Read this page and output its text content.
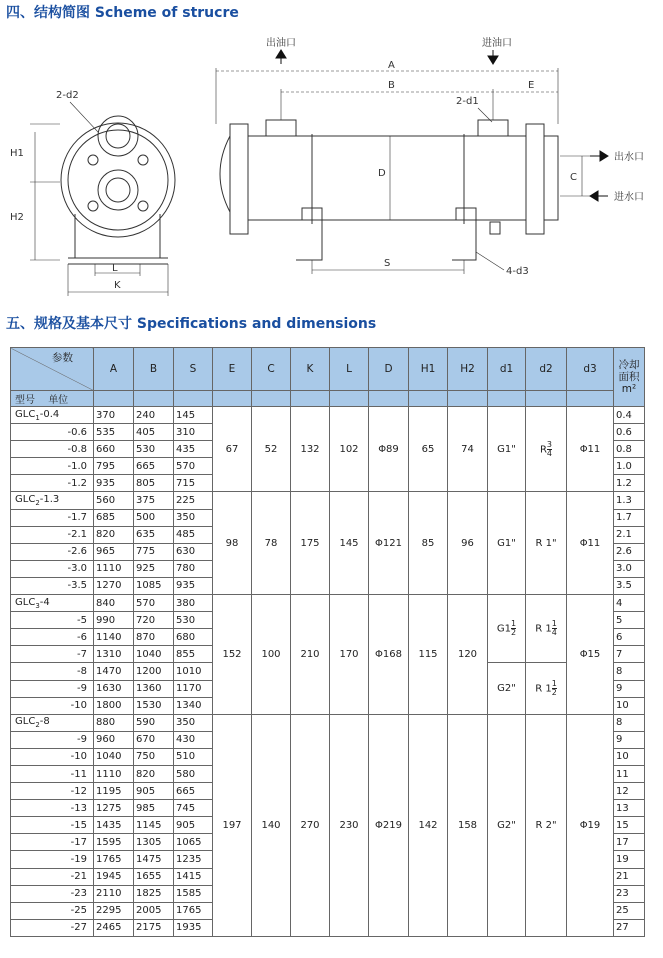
四、结构简图 Scheme of strucre
H1
H2
L
K
2-d2
出油口	进油口
A
B	E
2-d1
D	C
S
4-d3
出水口
进水口
五、规格及基本尺寸 Specifications and dimensions
参数	A	B	S	E	C	K	L	D	H1	H2	d1	d2	d3	冷却
面积
m²
型号 单位														
$GLC_1-0.4$	370	240	145	67	52	132	102	Φ89	65	74	G1"	R $\frac{3}{4}$	Φ11	0.4
-0.6	535	405	310											0.6
-0.8	660	530	435											0.8
-1.0	795	665	570											1.0
-1.2	935	805	715											1.2
$GLC_2-1.3$	560	375	225	98	78	175	145	Φ121	85	96	G1"	R 1"	Φ11	1.3
-1.7	685	500	350											1.7
-2.1	820	635	485											2.1
-2.6	965	775	630											2.6
-3.0	1110	925	780											3.0
-3.5	1270	1085	935											3.5
$GLC_3-4$	840	570	380	152	100	210	170	Φ168	115	120	$G1 \frac{1}{2}$	R $1 \frac{1}{4}$	Φ15	4
-5	990	720	530											5
-6	1140	870	680											6
-7	1310	1040	855											7
-8	1470	1200	1010								G2"	R $1 \frac{1}{2}$		8
-9	1630	1360	1170											9
-10	1800	1530	1340											10
$GLC_2-8$	880	590	350	197	140	270	230	Φ219	142	158	G2"	R 2"	Φ19	8
-9	960	670	430											9
-10	1040	750	510											10
-11	1110	820	580											11
-12	1195	905	665											12
-13	1275	985	745											13
-15	1435	1145	905											15
-17	1595	1305	1065											17
-19	1765	1475	1235											19
-21	1945	1655	1415											21
-23	2110	1825	1585											23
-25	2295	2005	1765											25
-27	2465	2175	1935											27
